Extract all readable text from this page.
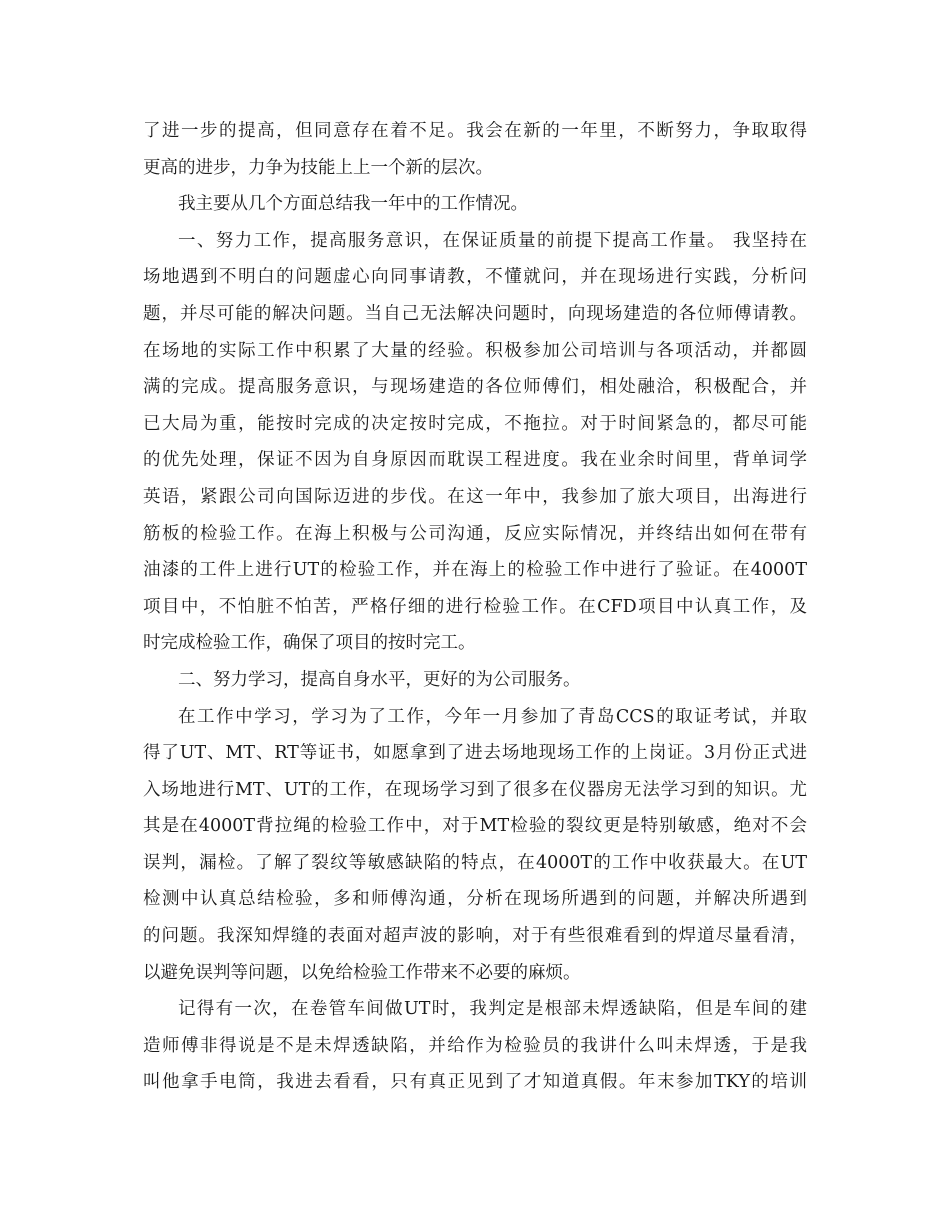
了进一步的提高，但同意存在着不足。我会在新的一年里，不断努力，争取取得
更高的进步，力争为技能上上一个新的层次。
我主要从几个方面总结我一年中的工作情况。
一、努力工作，提高服务意识，在保证质量的前提下提高工作量。 我坚持在
场地遇到不明白的问题虚心向同事请教，不懂就问，并在现场进行实践，分析问
题，并尽可能的解决问题。当自己无法解决问题时，向现场建造的各位师傅请教。
在场地的实际工作中积累了大量的经验。积极参加公司培训与各项活动，并都圆
满的完成。提高服务意识，与现场建造的各位师傅们，相处融洽，积极配合，并
已大局为重，能按时完成的决定按时完成，不拖拉。对于时间紧急的，都尽可能
的优先处理，保证不因为自身原因而耽误工程进度。我在业余时间里，背单词学
英语，紧跟公司向国际迈进的步伐。在这一年中，我参加了旅大项目，出海进行
筋板的检验工作。在海上积极与公司沟通，反应实际情况，并终结出如何在带有
油漆的工件上进行UT的检验工作，并在海上的检验工作中进行了验证。在4000T
项目中，不怕脏不怕苦，严格仔细的进行检验工作。在CFD项目中认真工作，及
时完成检验工作，确保了项目的按时完工。
二、努力学习，提高自身水平，更好的为公司服务。
在工作中学习，学习为了工作，今年一月参加了青岛CCS的取证考试，并取
得了UT、MT、RT等证书，如愿拿到了进去场地现场工作的上岗证。3月份正式进
入场地进行MT、UT的工作，在现场学习到了很多在仪器房无法学习到的知识。尤
其是在4000T背拉绳的检验工作中，对于MT检验的裂纹更是特别敏感，绝对不会
误判，漏检。了解了裂纹等敏感缺陷的特点，在4000T的工作中收获最大。在UT
检测中认真总结检验，多和师傅沟通，分析在现场所遇到的问题，并解决所遇到
的问题。我深知焊缝的表面对超声波的影响，对于有些很难看到的焊道尽量看清，
以避免误判等问题，以免给检验工作带来不必要的麻烦。
记得有一次，在卷管车间做UT时，我判定是根部未焊透缺陷，但是车间的建
造师傅非得说是不是未焊透缺陷，并给作为检验员的我讲什么叫未焊透，于是我
叫他拿手电筒，我进去看看，只有真正见到了才知道真假。年末参加TKY的培训
